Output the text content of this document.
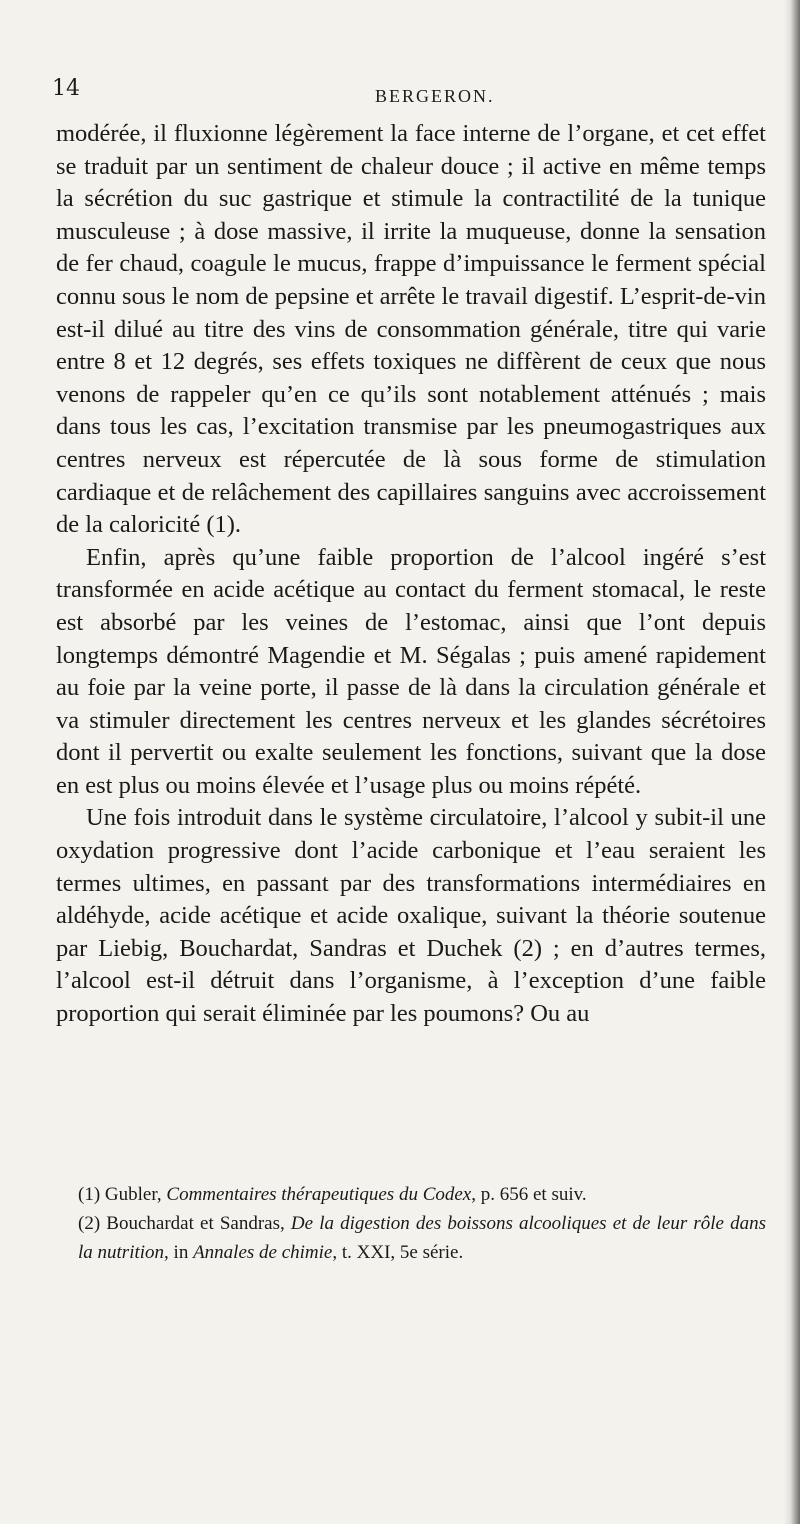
14	BERGERON.

modérée, il fluxionne légèrement la face interne de l’organe, et cet effet se traduit par un sentiment de chaleur douce ; il active en même temps la sécrétion du suc gastrique et stimule la contractilité de la tunique musculeuse ; à dose massive, il irrite la muqueuse, donne la sensation de fer chaud, coagule le mucus, frappe d’impuissance le ferment spécial connu sous le nom de pepsine et arrête le travail digestif. L’esprit-de-vin est-il dilué au titre des vins de consommation générale, titre qui varie entre 8 et 12 degrés, ses effets toxiques ne diffèrent de ceux que nous venons de rappeler qu’en ce qu’ils sont notablement atténués ; mais dans tous les cas, l’excitation transmise par les pneumogastriques aux centres nerveux est répercutée de là sous forme de stimulation cardiaque et de relâchement des capillaires sanguins avec accroissement de la caloricité (1).

Enfin, après qu’une faible proportion de l’alcool ingéré s’est transformée en acide acétique au contact du ferment stomacal, le reste est absorbé par les veines de l’estomac, ainsi que l’ont depuis longtemps démontré Magendie et M. Ségalas ; puis amené rapidement au foie par la veine porte, il passe de là dans la circulation générale et va stimuler directement les centres nerveux et les glandes sécrétoires dont il pervertit ou exalte seulement les fonctions, suivant que la dose en est plus ou moins élevée et l’usage plus ou moins répété.

Une fois introduit dans le système circulatoire, l’alcool y subit-il une oxydation progressive dont l’acide carbonique et l’eau seraient les termes ultimes, en passant par des transformations intermédiaires en aldéhyde, acide acétique et acide oxalique, suivant la théorie soutenue par Liebig, Bouchardat, Sandras et Duchek (2) ; en d’autres termes, l’alcool est-il détruit dans l’organisme, à l’exception d’une faible proportion qui serait éliminée par les poumons? Ou au

(1) Gubler, Commentaires thérapeutiques du Codex, p. 656 et suiv.

(2) Bouchardat et Sandras, De la digestion des boissons alcooliques et de leur rôle dans la nutrition, in Annales de chimie, t. XXI, 5e série.
